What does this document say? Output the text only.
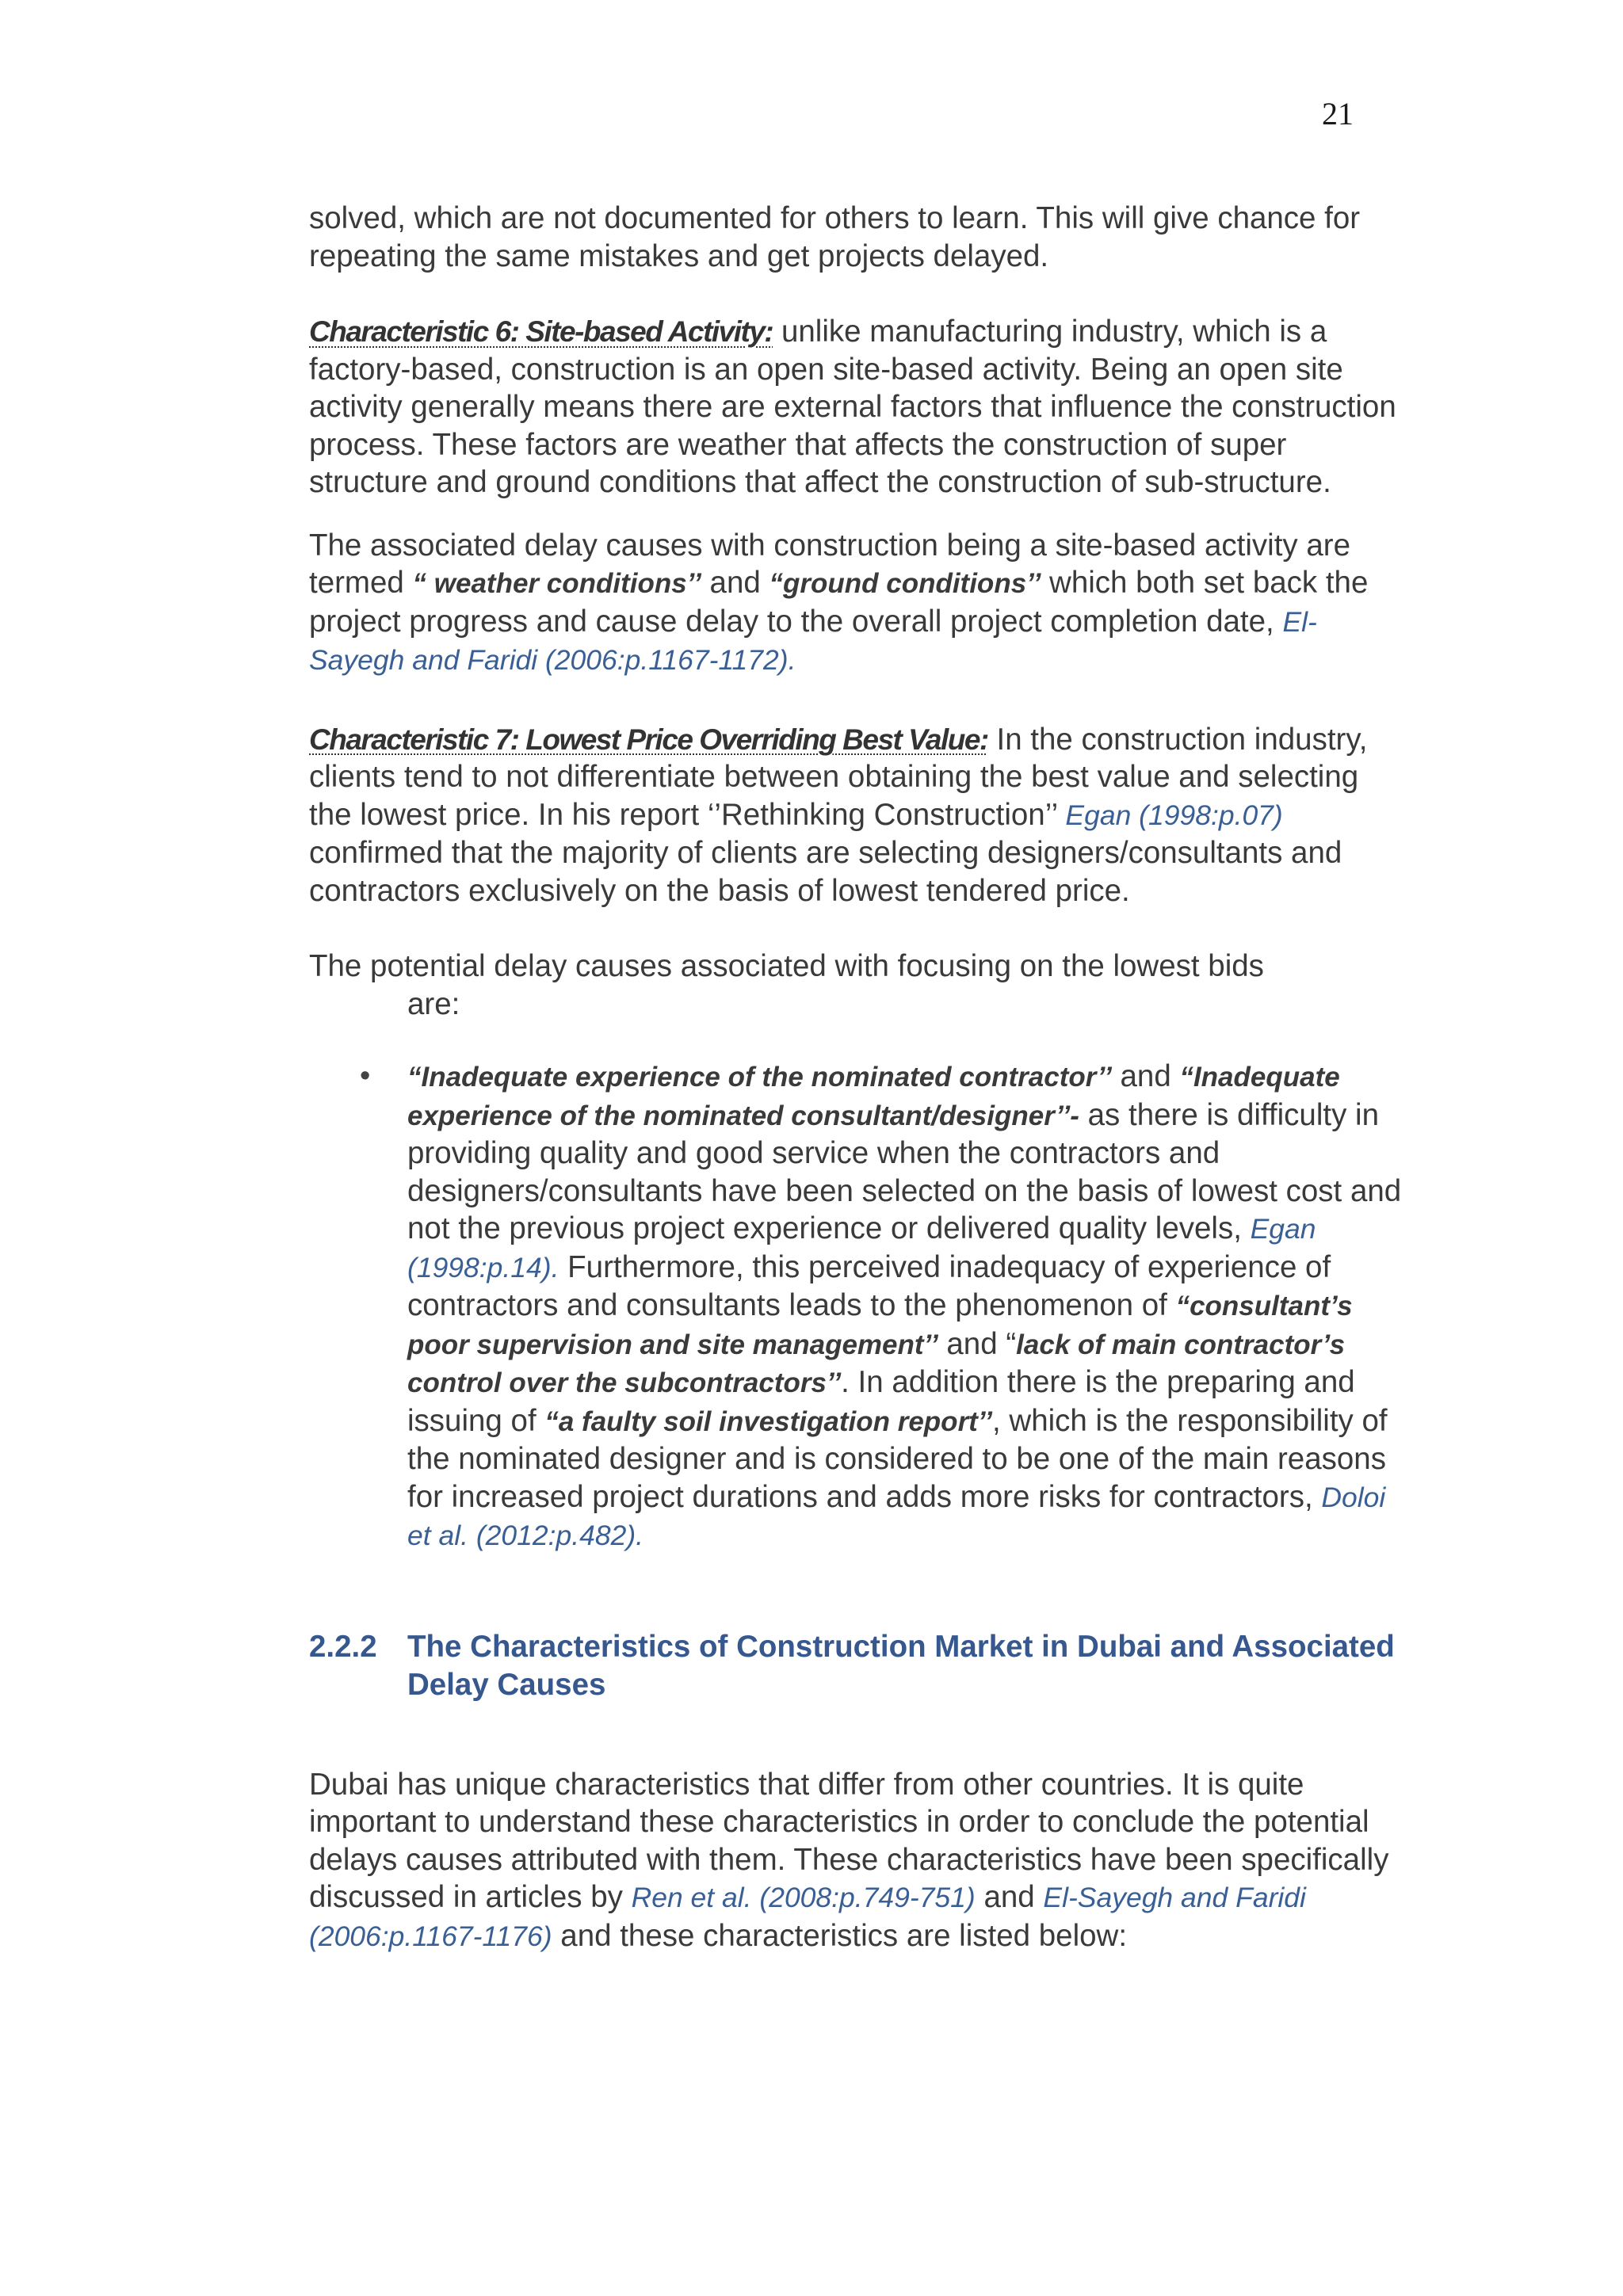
21

solved, which are not documented for others to learn. This will give chance for repeating the same mistakes and get projects delayed.

Characteristic 6: Site-based Activity: unlike manufacturing industry, which is a factory-based, construction is an open site-based activity. Being an open site activity generally means there are external factors that influence the construction process. These factors are weather that affects the construction of super structure and ground conditions that affect the construction of sub-structure.

The associated delay causes with construction being a site-based activity are termed “ weather conditions’’ and “ground conditions’’ which both set back the project progress and cause delay to the overall project completion date, El-Sayegh and Faridi (2006:p.1167-1172).

Characteristic 7: Lowest Price Overriding Best Value: In the construction industry, clients tend to not differentiate between obtaining the best value and selecting the lowest price. In his report ‘’Rethinking Construction’’ Egan (1998:p.07) confirmed that the majority of clients are selecting designers/consultants and contractors exclusively on the basis of lowest tendered price.

The potential delay causes associated with focusing on the lowest bids
are:

• “Inadequate experience of the nominated contractor’’ and “Inadequate experience of the nominated consultant/designer’’- as there is difficulty in providing quality and good service when the contractors and designers/consultants have been selected on the basis of lowest cost and not the previous project experience or delivered quality levels, Egan (1998:p.14). Furthermore, this perceived inadequacy of experience of contractors and consultants leads to the phenomenon of “consultant’s poor supervision and site management’’ and “lack of main contractor’s control over the subcontractors’’. In addition there is the preparing and issuing of “a faulty soil investigation report’’, which is the responsibility of the nominated designer and is considered to be one of the main reasons for increased project durations and adds more risks for contractors, Doloi et al. (2012:p.482).

2.2.2 The Characteristics of Construction Market in Dubai and Associated Delay Causes

Dubai has unique characteristics that differ from other countries. It is quite important to understand these characteristics in order to conclude the potential delays causes attributed with them. These characteristics have been specifically discussed in articles by Ren et al. (2008:p.749-751) and El-Sayegh and Faridi (2006:p.1167-1176) and these characteristics are listed below:
